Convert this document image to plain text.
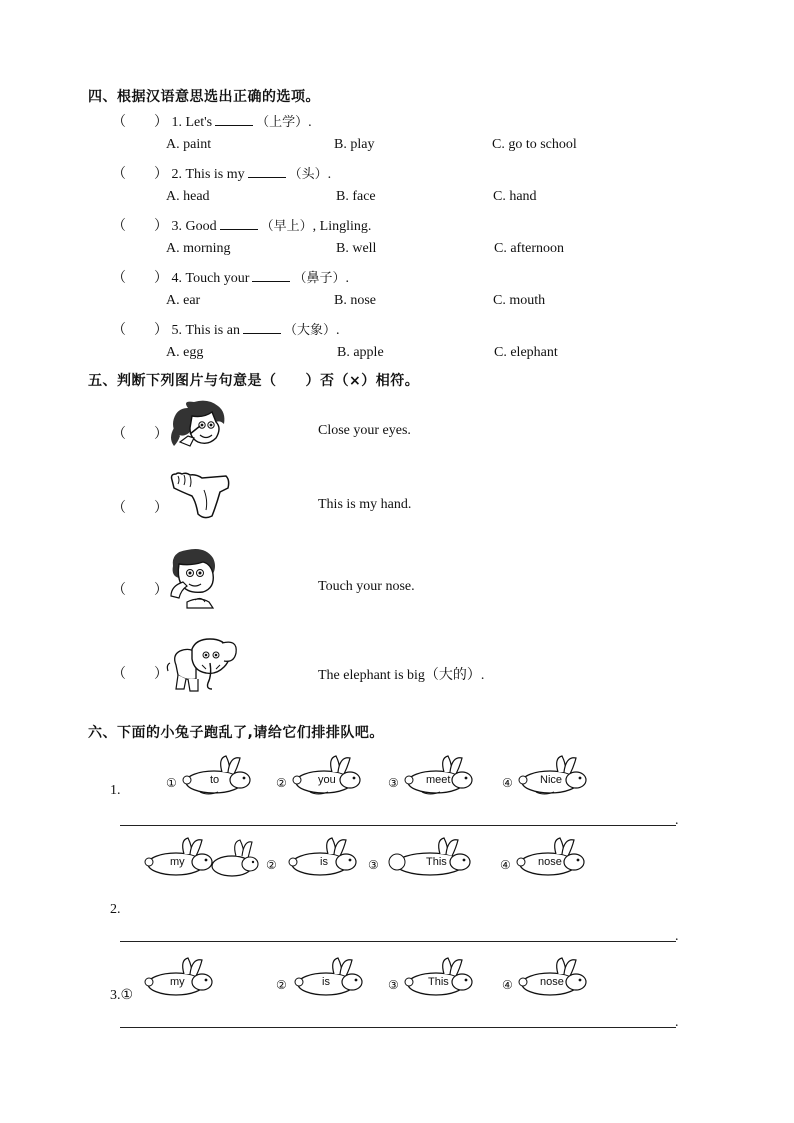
四、根据汉语意思选出正确的选项。
（　　） 1. Let's	（上学）.
A. paint	B. play	C. go to school
（　　） 2. This is my	（头）.
A. head	B. face	C. hand
（　　） 3. Good	（早上）, Lingling.
A. morning	B. well	C. afternoon
（　　） 4. Touch your	（鼻子）.
A. ear	B. nose	C. mouth
（　　） 5. This is an	（大象）.
A. egg	B. apple	C. elephant
五、判断下列图片与句意是（　　）否（×）相符。
（　　）	Close your eyes.
（　　）	This is my hand.
（　　）	Touch your nose.
（　　）	The elephant is big（大的）.
六、下面的小兔子跑乱了,请给它们排排队吧。
1.	①	to	②	you	③ meet	④ Nice
.
my	②	is	③	This	④ nose
2.
.
3.①
my	②	is	③	This	④ nose
.
